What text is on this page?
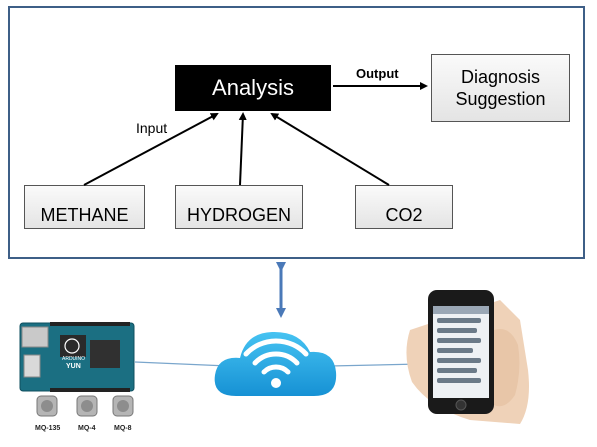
Analysis	Diagnosis
Suggestion
METHANE	HYDROGEN	CO2
Input
Output
ARDUINO
YUN
MQ-135	MQ-4	MQ-8
